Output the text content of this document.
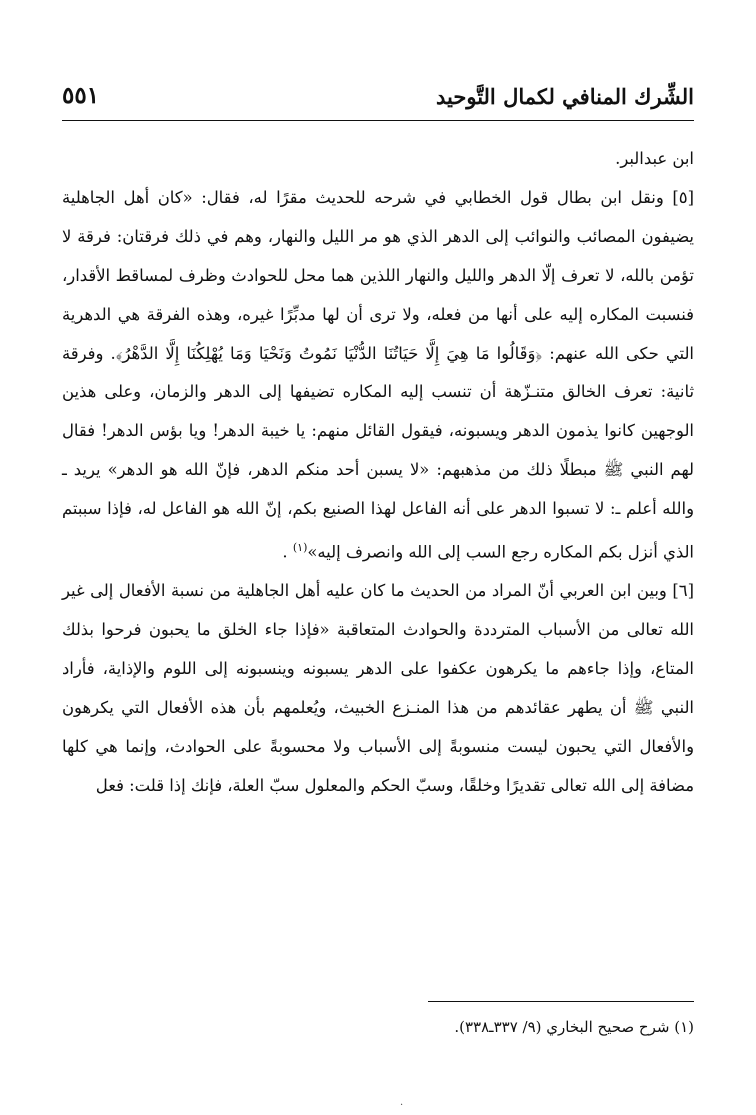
الشِّرك المنافي لكمال التَّوحيد
٥٥١

ابن عبدالبر.

[٥] ونقل ابن بطال قول الخطابي في شرحه للحديث مقرًا له، فقال: «كان أهل الجاهلية يضيفون المصائب والنوائب إلى الدهر الذي هو مر الليل والنهار، وهم في ذلك فرقتان: فرقة لا تؤمن بالله، لا تعرف إلّا الدهر والليل والنهار اللذين هما محل للحوادث وظرف لمساقط الأقدار، فنسبت المكاره إليه على أنها من فعله، ولا ترى أن لها مدبِّرًا غيره، وهذه الفرقة هي الدهرية التي حكى الله عنهم: ﴿وَقَالُوا مَا هِيَ إِلَّا حَيَاتُنَا الدُّنْيَا نَمُوتُ وَنَحْيَا وَمَا يُهْلِكُنَا إِلَّا الدَّهْرُ﴾. وفرقة ثانية: تعرف الخالق متنـزّهة أن تنسب إليه المكاره تضيفها إلى الدهر والزمان، وعلى هذين الوجهين كانوا يذمون الدهر ويسبونه، فيقول القائل منهم: يا خيبة الدهر! ويا بؤس الدهر! فقال لهم النبي ﷺ مبطلًا ذلك من مذهبهم: «لا يسبن أحد منكم الدهر، فإنّ الله هو الدهر» يريد ـ والله أعلم ـ: لا تسبوا الدهر على أنه الفاعل لهذا الصنيع بكم، إنّ الله هو الفاعل له، فإذا سببتم الذي أنزل بكم المكاره رجع السب إلى الله وانصرف إليه»$^{(١)}$ .

[٦] وبين ابن العربي أنّ المراد من الحديث ما كان عليه أهل الجاهلية من نسبة الأفعال إلى غير الله تعالى من الأسباب المترددة والحوادث المتعاقبة «فإذا جاء الخلق ما يحبون فرحوا بذلك المتاع، وإذا جاءهم ما يكرهون عكفوا على الدهر يسبونه وينسبونه إلى اللوم والإذاية، فأراد النبي ﷺ أن يطهر عقائدهم من هذا المنـزع الخبيث، ويُعلمهم بأن هذه الأفعال التي يكرهون والأفعال التي يحبون ليست منسوبةً إلى الأسباب ولا محسوبةً على الحوادث، وإنما هي كلها مضافة إلى الله تعالى تقديرًا وخلقًا، وسبّ الحكم والمعلول سبّ العلة، فإنك إذا قلت: فعل

(١) شرح صحيح البخاري (٩/ ٣٣٧ـ٣٣٨).
·
